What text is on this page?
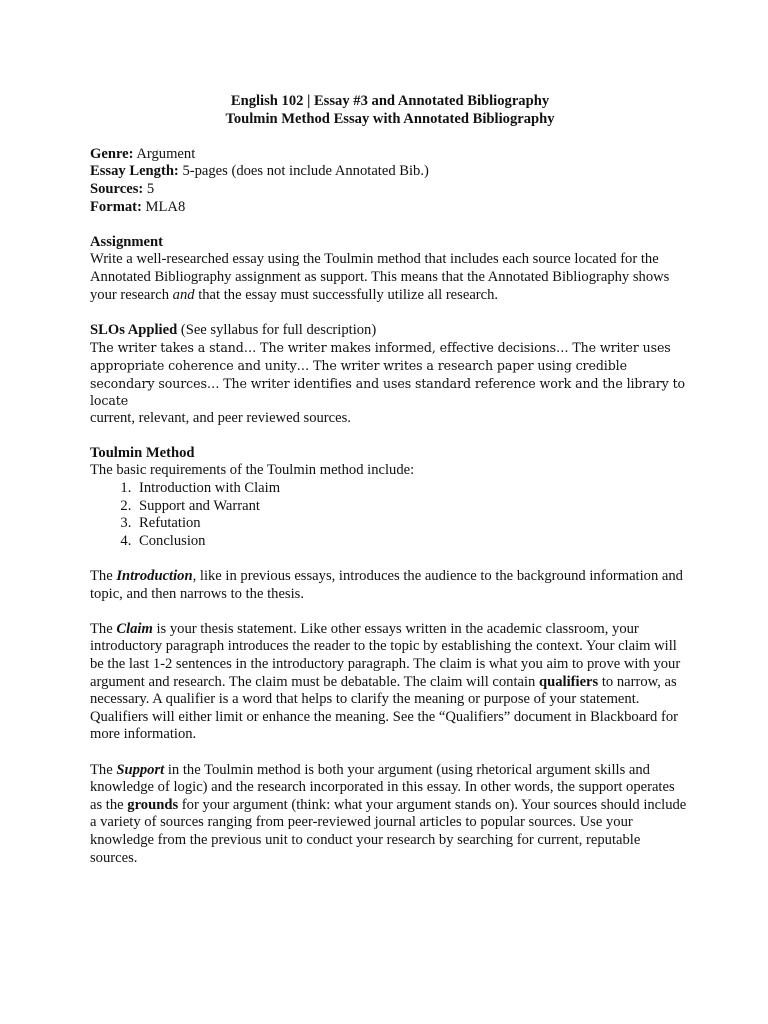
English 102 | Essay #3 and Annotated Bibliography

Toulmin Method Essay with Annotated Bibliography

Genre: Argument

Essay Length: 5-pages (does not include Annotated Bib.)

Sources: 5

Format: MLA8

Assignment

Write a well-researched essay using the Toulmin method that includes each source located for the Annotated Bibliography assignment as support. This means that the Annotated Bibliography shows your research and that the essay must successfully utilize all research.

SLOs Applied (See syllabus for full description)

The writer takes a stand… The writer makes informed, effective decisions… The writer uses appropriate coherence and unity… The writer writes a research paper using credible secondary sources… The writer identifies and uses standard reference work and the library to locate

current, relevant, and peer reviewed sources.

Toulmin Method

The basic requirements of the Toulmin method include:

1. Introduction with Claim
2. Support and Warrant
3. Refutation
4. Conclusion

The Introduction, like in previous essays, introduces the audience to the background information and topic, and then narrows to the thesis.

The Claim is your thesis statement. Like other essays written in the academic classroom, your introductory paragraph introduces the reader to the topic by establishing the context. Your claim will be the last 1-2 sentences in the introductory paragraph. The claim is what you aim to prove with your argument and research. The claim must be debatable. The claim will contain qualifiers to narrow, as necessary. A qualifier is a word that helps to clarify the meaning or purpose of your statement. Qualifiers will either limit or enhance the meaning. See the “Qualifiers” document in Blackboard for more information.

The Support in the Toulmin method is both your argument (using rhetorical argument skills and knowledge of logic) and the research incorporated in this essay. In other words, the support operates as the grounds for your argument (think: what your argument stands on). Your sources should include a variety of sources ranging from peer-reviewed journal articles to popular sources. Use your knowledge from the previous unit to conduct your research by searching for current, reputable sources.
